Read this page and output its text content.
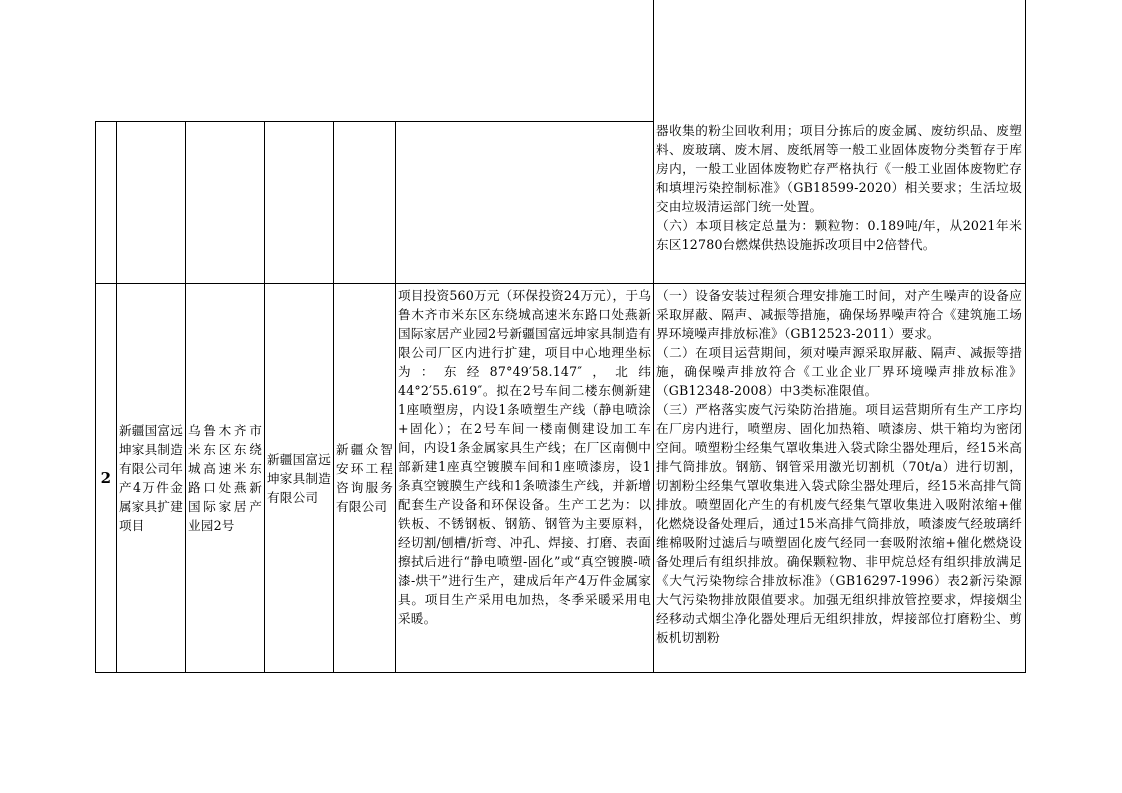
器收集的粉尘回收利用；项目分拣后的废金属、废纺织品、废塑料、废玻璃、废木屑、废纸屑等一般工业固体废物分类暂存于库房内，一般工业固体废物贮存严格执行《一般工业固体废物贮存和填埋污染控制标准》（GB18599-2020）相关要求；生活垃圾交由垃圾清运部门统一处置。

（六）本项目核定总量为：颗粒物：0.189吨/年，从2021年米东区12780台燃煤供热设施拆改项目中2倍替代。

2

新疆国富远坤家具制造有限公司年产4万件金属家具扩建项目

乌鲁木齐市米东区东绕城高速米东路口处燕新国际家居产业园2号

新疆国富远坤家具制造有限公司

新疆众智安环工程咨询服务有限公司

项目投资560万元（环保投资24万元），于乌鲁木齐市米东区东绕城高速米东路口处燕新国际家居产业园2号新疆国富远坤家具制造有限公司厂区内进行扩建，项目中心地理坐标为：东经87°49′58.147″，北纬44°2′55.619″。拟在2号车间二楼东侧新建1座喷塑房，内设1条喷塑生产线（静电喷涂+固化）；在2号车间一楼南侧建设加工车间，内设1条金属家具生产线；在厂区南侧中部新建1座真空镀膜车间和1座喷漆房，设1条真空镀膜生产线和1条喷漆生产线，并新增配套生产设备和环保设备。生产工艺为：以铁板、不锈钢板、钢筋、钢管为主要原料，经切割/刨槽/折弯、冲孔、焊接、打磨、表面擦拭后进行“静电喷塑-固化”或“真空镀膜-喷漆-烘干”进行生产，建成后年产4万件金属家具。项目生产采用电加热，冬季采暖采用电采暖。

（一）设备安装过程须合理安排施工时间，对产生噪声的设备应采取屏蔽、隔声、减振等措施，确保场界噪声符合《建筑施工场界环境噪声排放标准》（GB12523-2011）要求。

（二）在项目运营期间，须对噪声源采取屏蔽、隔声、减振等措施，确保噪声排放符合《工业企业厂界环境噪声排放标准》（GB12348-2008）中3类标准限值。

（三）严格落实废气污染防治措施。项目运营期所有生产工序均在厂房内进行，喷塑房、固化加热箱、喷漆房、烘干箱均为密闭空间。喷塑粉尘经集气罩收集进入袋式除尘器处理后，经15米高排气筒排放。钢筋、钢管采用激光切割机（70t/a）进行切割，切割粉尘经集气罩收集进入袋式除尘器处理后，经15米高排气筒排放。喷塑固化产生的有机废气经集气罩收集进入吸附浓缩+催化燃烧设备处理后，通过15米高排气筒排放，喷漆废气经玻璃纤维棉吸附过滤后与喷塑固化废气经同一套吸附浓缩+催化燃烧设备处理后有组织排放。确保颗粒物、非甲烷总烃有组织排放满足《大气污染物综合排放标准》（GB16297-1996）表2新污染源大气污染物排放限值要求。加强无组织排放管控要求，焊接烟尘经移动式烟尘净化器处理后无组织排放，焊接部位打磨粉尘、剪板机切割粉
